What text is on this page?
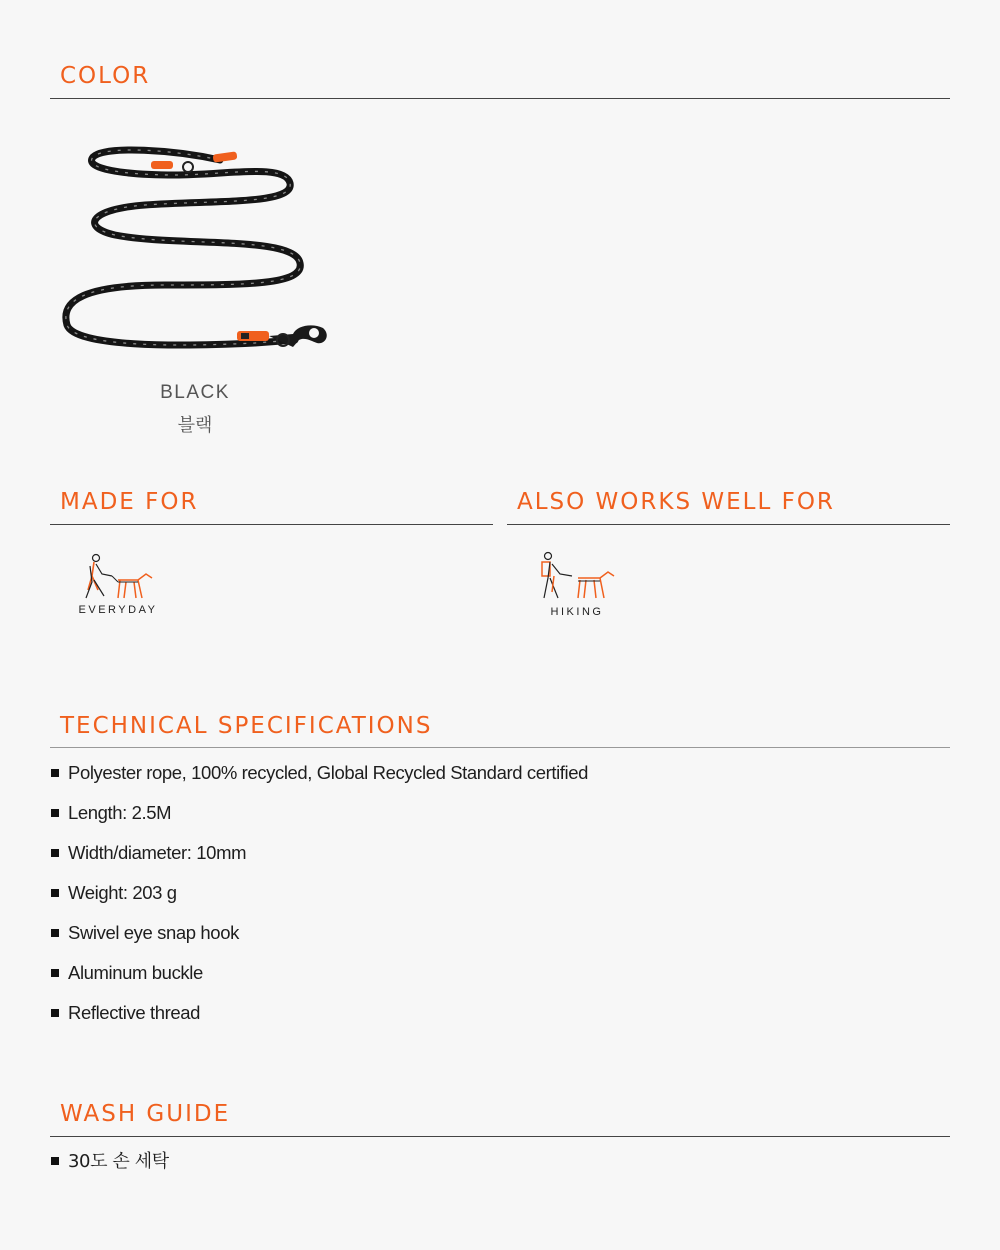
COLOR
BLACK
블랙
MADE FOR
EVERYDAY
ALSO WORKS WELL FOR
HIKING
TECHNICAL SPECIFICATIONS
Polyester rope, 100% recycled, Global Recycled Standard certified
Length: 2.5M
Width/diameter: 10mm
Weight: 203 g
Swivel eye snap hook
Aluminum buckle
Reflective thread
WASH GUIDE
30도 손 세탁
